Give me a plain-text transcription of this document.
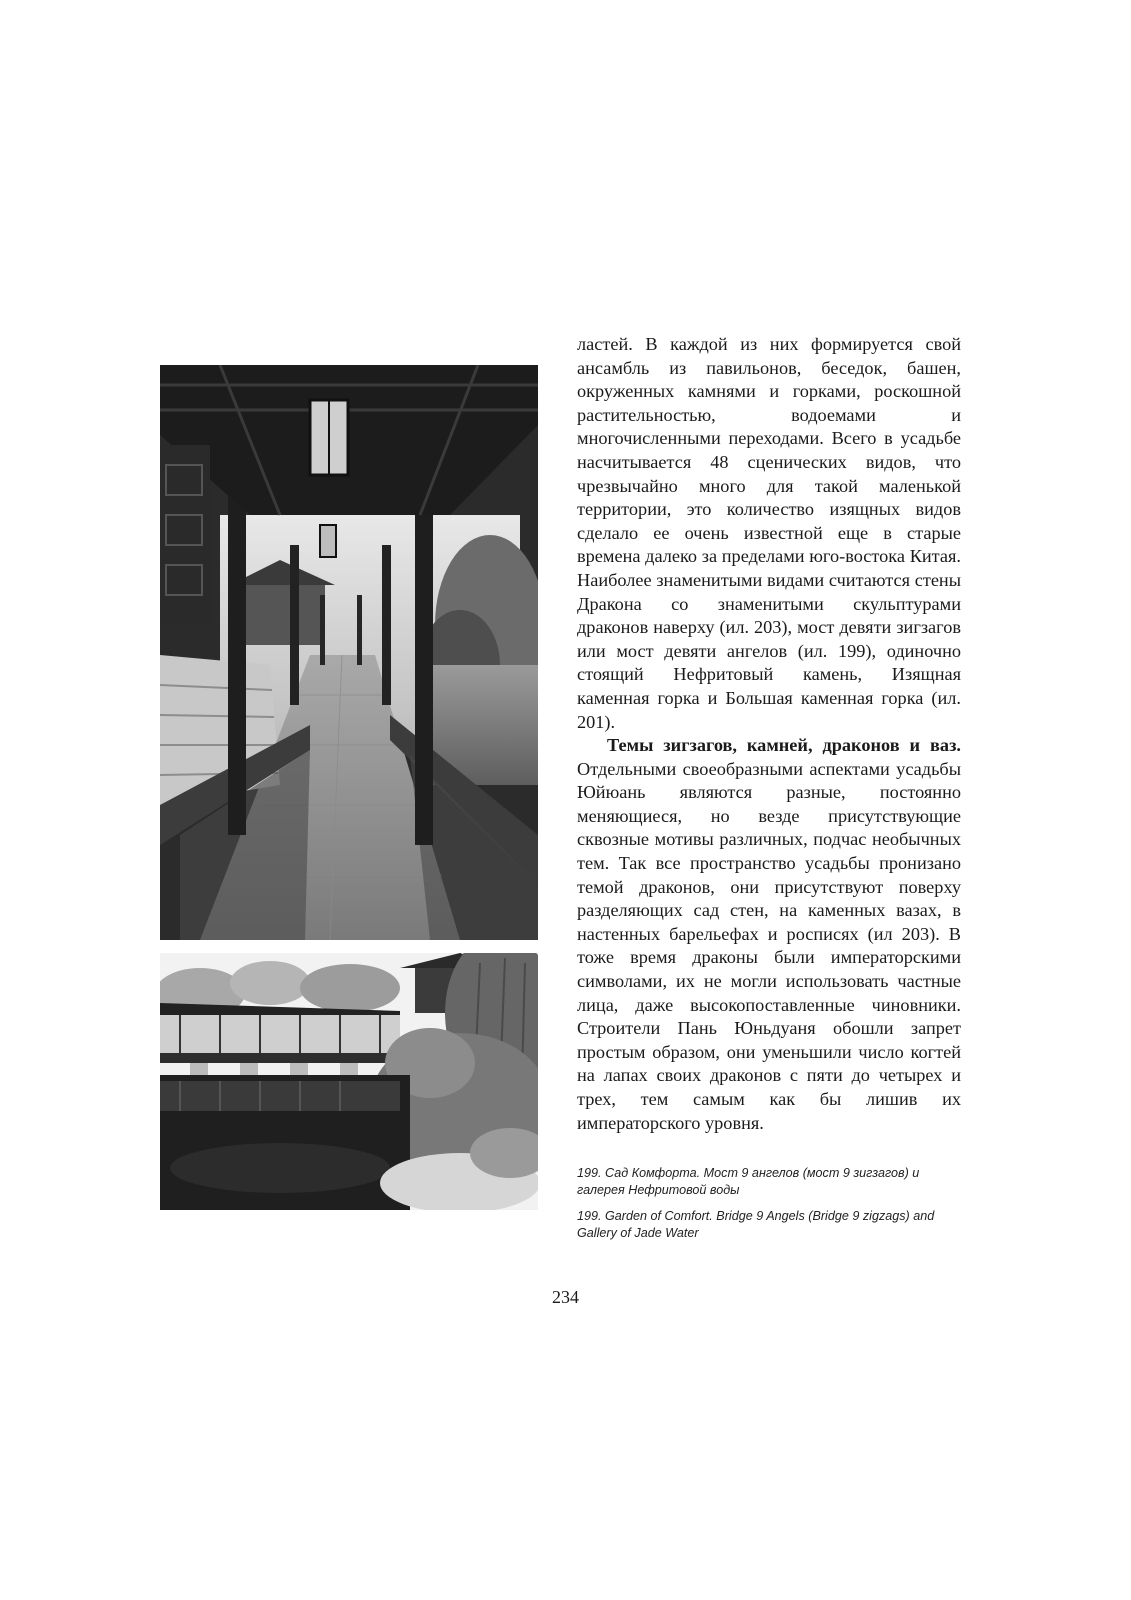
ластей. В каждой из них формируется свой ансамбль из павильонов, беседок, башен, окруженных камнями и горками, роскошной растительностью, водоемами и многочисленными переходами. Всего в усадьбе насчитывается 48 сценических видов, что чрезвычайно много для такой маленькой территории, это количество изящных видов сделало ее очень известной еще в старые времена далеко за пределами юго-востока Китая. Наиболее знаменитыми видами считаются стены Дракона со знаменитыми скульптурами драконов наверху (ил. 203), мост девяти зигзагов или мост девяти ангелов (ил. 199), одиночно стоящий Нефритовый камень, Изящная каменная горка и Большая каменная горка (ил. 201).

Темы зигзагов, камней, драконов и ваз. Отдельными своеобразными аспектами усадьбы Юйюань являются разные, постоянно меняющиеся, но везде присутствующие сквозные мотивы различных, подчас необычных тем. Так все пространство усадьбы пронизано темой драконов, они присутствуют поверху разделяющих сад стен, на каменных вазах, в настенных барельефах и росписях (ил 203). В тоже время драконы были императорскими символами, их не могли использовать частные лица, даже высокопоставленные чиновники. Строители Пань Юньдуаня обошли запрет простым образом, они уменьшили число когтей на лапах своих драконов с пяти до четырех и трех, тем самым как бы лишив их императорского уровня.

199. Сад Комфорта. Мост 9 ангелов (мост 9 зигзагов) и галерея Нефритовой воды

199. Garden of Comfort. Bridge 9 Angels (Bridge 9 zigzags) and Gallery of Jade Water

234
